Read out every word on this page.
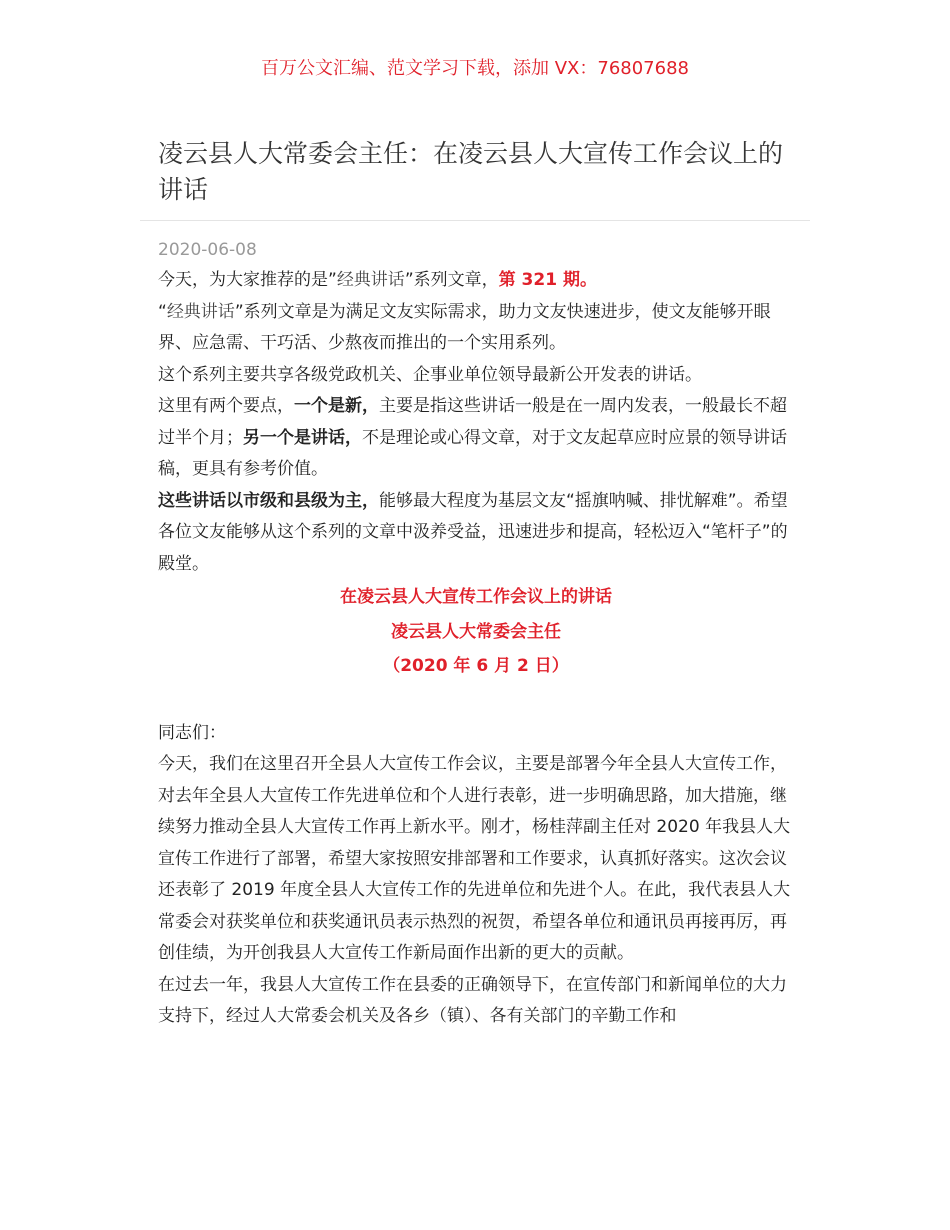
百万公文汇编、范文学习下载，添加 VX：76807688
凌云县人大常委会主任：在凌云县人大宣传工作会议上的讲话
2020-06-08

今天，为大家推荐的是”经典讲话”系列文章，第 321 期。

“经典讲话”系列文章是为满足文友实际需求，助力文友快速进步，使文友能够开眼界、应急需、干巧活、少熬夜而推出的一个实用系列。

这个系列主要共享各级党政机关、企事业单位领导最新公开发表的讲话。

这里有两个要点，一个是新，主要是指这些讲话一般是在一周内发表，一般最长不超过半个月；另一个是讲话，不是理论或心得文章，对于文友起草应时应景的领导讲话稿，更具有参考价值。

这些讲话以市级和县级为主，能够最大程度为基层文友“摇旗呐喊、排忧解难”。希望各位文友能够从这个系列的文章中汲养受益，迅速进步和提高，轻松迈入“笔杆子”的殿堂。

在凌云县人大宣传工作会议上的讲话
凌云县人大常委会主任
（2020 年 6 月 2 日）

同志们：

今天，我们在这里召开全县人大宣传工作会议，主要是部署今年全县人大宣传工作，对去年全县人大宣传工作先进单位和个人进行表彰，进一步明确思路，加大措施，继续努力推动全县人大宣传工作再上新水平。刚才，杨桂萍副主任对 2020 年我县人大宣传工作进行了部署，希望大家按照安排部署和工作要求，认真抓好落实。这次会议还表彰了 2019 年度全县人大宣传工作的先进单位和先进个人。在此，我代表县人大常委会对获奖单位和获奖通讯员表示热烈的祝贺，希望各单位和通讯员再接再厉，再创佳绩，为开创我县人大宣传工作新局面作出新的更大的贡献。

在过去一年，我县人大宣传工作在县委的正确领导下，在宣传部门和新闻单位的大力支持下，经过人大常委会机关及各乡（镇）、各有关部门的辛勤工作和
